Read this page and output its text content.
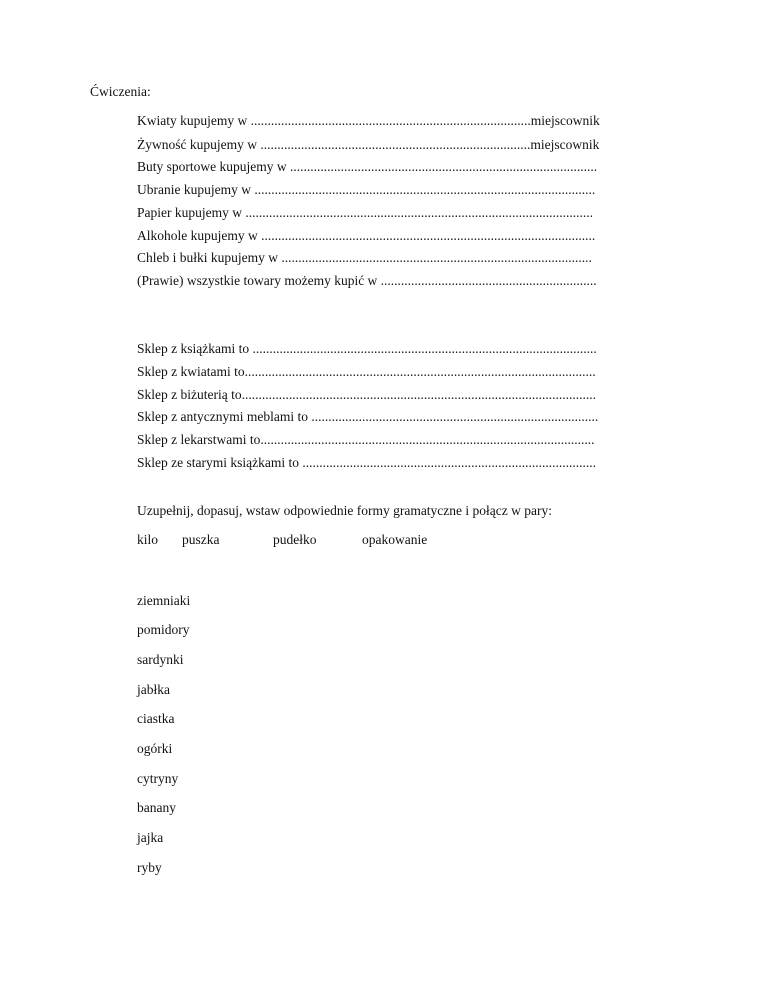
Ćwiczenia:
Kwiaty kupujemy w ...................................................................................miejscownik
Żywność kupujemy w ................................................................................miejscownik
Buty sportowe kupujemy w ...........................................................................................
Ubranie kupujemy w .....................................................................................................
Papier kupujemy w .......................................................................................................
Alkohole kupujemy w ...................................................................................................
Chleb i bułki kupujemy w ............................................................................................
(Prawie) wszystkie towary możemy kupić w ................................................................
Sklep z książkami to ......................................................................................................
Sklep z kwiatami to........................................................................................................
Sklep z biżuterią to.........................................................................................................
Sklep z antycznymi meblami to .....................................................................................
Sklep z lekarstwami to...................................................................................................
Sklep ze starymi książkami to .......................................................................................
Uzupełnij, dopasuj, wstaw odpowiednie formy gramatyczne i połącz w pary:
kilo puszka	pudełko	opakowanie
ziemniaki
pomidory
sardynki
jabłka
ciastka
ogórki
cytryny
banany
jajka
ryby
